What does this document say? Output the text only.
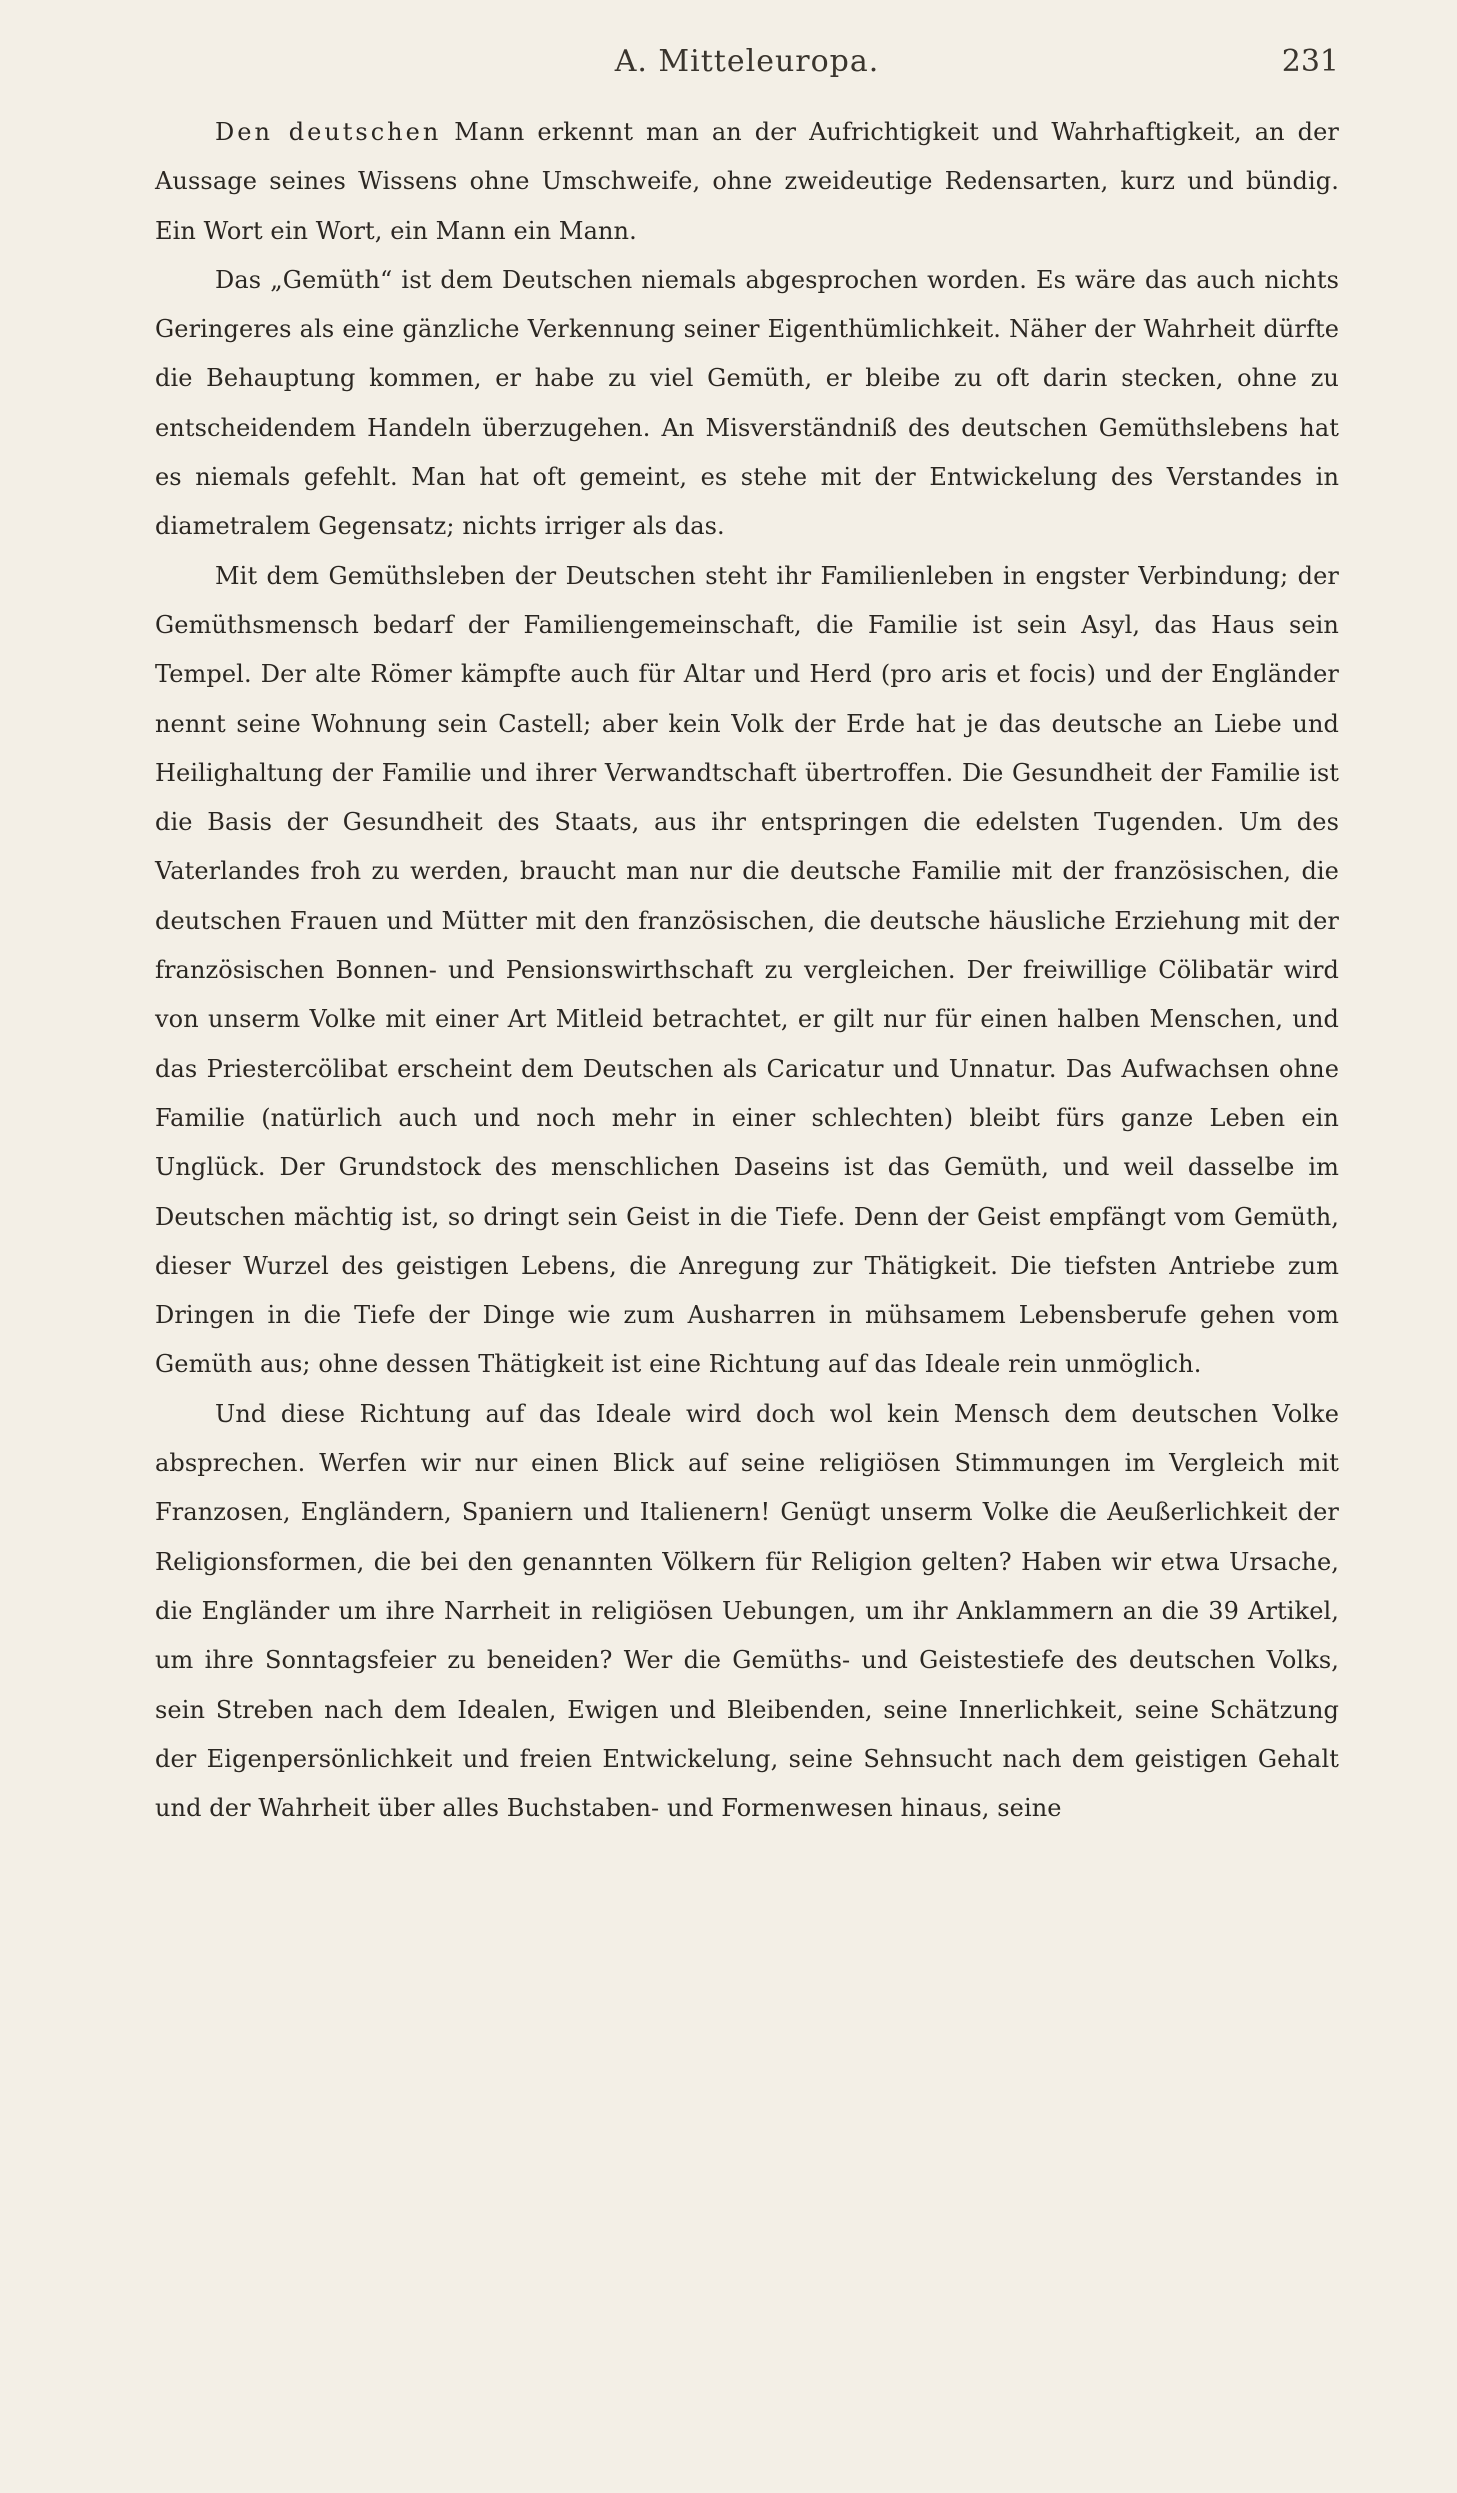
A. Mitteleuropa.	231

Den deutschen Mann erkennt man an der Aufrichtigkeit und Wahrhaftigkeit, an der Aussage seines Wissens ohne Umschweife, ohne zweideutige Redensarten, kurz und bündig. Ein Wort ein Wort, ein Mann ein Mann.

Das „Gemüth“ ist dem Deutschen niemals abgesprochen worden. Es wäre das auch nichts Geringeres als eine gänzliche Verkennung seiner Eigenthümlichkeit. Näher der Wahrheit dürfte die Behauptung kommen, er habe zu viel Gemüth, er bleibe zu oft darin stecken, ohne zu entscheidendem Handeln überzugehen. An Misverständniß des deutschen Gemüthslebens hat es niemals gefehlt. Man hat oft gemeint, es stehe mit der Entwickelung des Verstandes in diametralem Gegensatz; nichts irriger als das.

Mit dem Gemüthsleben der Deutschen steht ihr Familienleben in engster Verbindung; der Gemüthsmensch bedarf der Familiengemeinschaft, die Familie ist sein Asyl, das Haus sein Tempel. Der alte Römer kämpfte auch für Altar und Herd (pro aris et focis) und der Engländer nennt seine Wohnung sein Castell; aber kein Volk der Erde hat je das deutsche an Liebe und Heilighaltung der Familie und ihrer Verwandtschaft übertroffen. Die Gesundheit der Familie ist die Basis der Gesundheit des Staats, aus ihr entspringen die edelsten Tugenden. Um des Vaterlandes froh zu werden, braucht man nur die deutsche Familie mit der französischen, die deutschen Frauen und Mütter mit den französischen, die deutsche häusliche Erziehung mit der französischen Bonnen- und Pensionswirthschaft zu vergleichen. Der freiwillige Cölibatär wird von unserm Volke mit einer Art Mitleid betrachtet, er gilt nur für einen halben Menschen, und das Priestercölibat erscheint dem Deutschen als Caricatur und Unnatur. Das Aufwachsen ohne Familie (natürlich auch und noch mehr in einer schlechten) bleibt fürs ganze Leben ein Unglück. Der Grundstock des menschlichen Daseins ist das Gemüth, und weil dasselbe im Deutschen mächtig ist, so dringt sein Geist in die Tiefe. Denn der Geist empfängt vom Gemüth, dieser Wurzel des geistigen Lebens, die Anregung zur Thätigkeit. Die tiefsten Antriebe zum Dringen in die Tiefe der Dinge wie zum Ausharren in mühsamem Lebensberufe gehen vom Gemüth aus; ohne dessen Thätigkeit ist eine Richtung auf das Ideale rein unmöglich.

Und diese Richtung auf das Ideale wird doch wol kein Mensch dem deutschen Volke absprechen. Werfen wir nur einen Blick auf seine religiösen Stimmungen im Vergleich mit Franzosen, Engländern, Spaniern und Italienern! Genügt unserm Volke die Aeußerlichkeit der Religionsformen, die bei den genannten Völkern für Religion gelten? Haben wir etwa Ursache, die Engländer um ihre Narrheit in religiösen Uebungen, um ihr Anklammern an die 39 Artikel, um ihre Sonntagsfeier zu beneiden? Wer die Gemüths- und Geistestiefe des deutschen Volks, sein Streben nach dem Idealen, Ewigen und Bleibenden, seine Innerlichkeit, seine Schätzung der Eigenpersönlichkeit und freien Entwickelung, seine Sehnsucht nach dem geistigen Gehalt und der Wahrheit über alles Buchstaben- und Formenwesen hinaus, seine
